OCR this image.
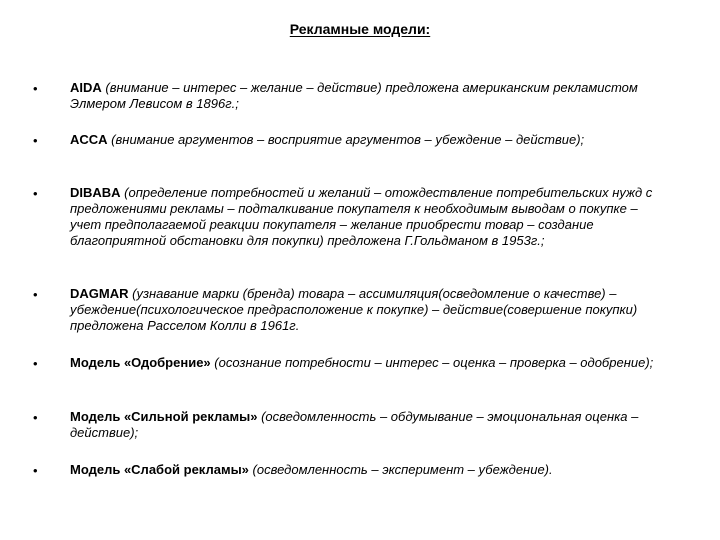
Рекламные модели:
• AIDA (внимание – интерес – желание – действие) предложена американским рекламистом Элмером Левисом в 1896г.;
• ACCA (внимание аргументов – восприятие аргументов – убеждение – действие);
• DIBABA (определение потребностей и желаний – отождествление потребительских нужд с предложениями рекламы – подталкивание покупателя к необходимым выводам о покупке – учет предполагаемой реакции покупателя – желание приобрести товар – создание благоприятной обстановки для покупки) предложена Г.Гольдманом в 1953г.;
• DAGMAR (узнавание марки (бренда) товара – ассимиляция(осведомление о качестве) – убеждение(психологическое предрасположение к покупке) – действие(совершение покупки) предложена Расселом Колли в 1961г.
• Модель «Одобрение» (осознание потребности – интерес – оценка – проверка – одобрение);
• Модель «Сильной рекламы» (осведомленность – обдумывание – эмоциональная оценка – действие);
• Модель «Слабой рекламы» (осведомленность – эксперимент – убеждение).
